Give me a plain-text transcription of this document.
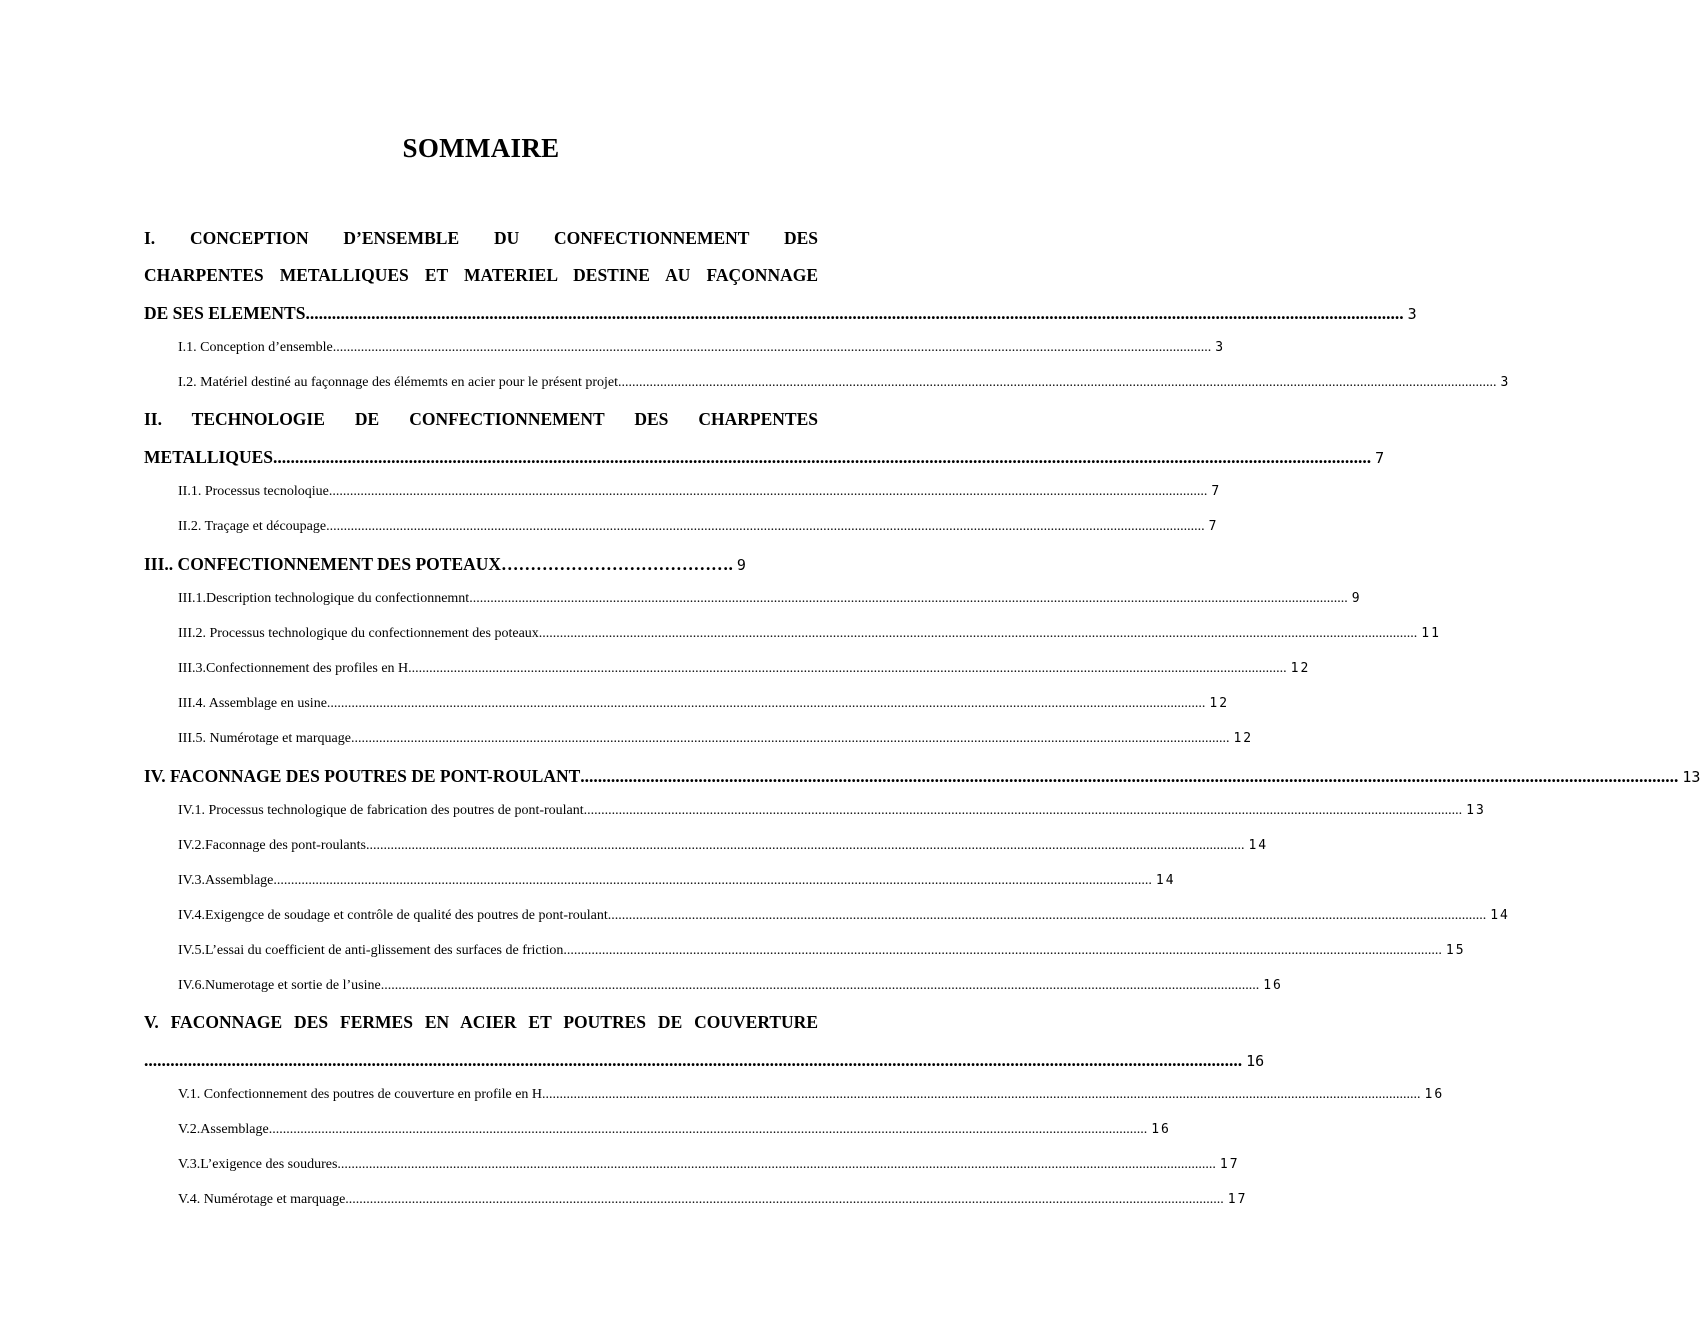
SOMMAIRE
I. CONCEPTION D’ENSEMBLE DU CONFECTIONNEMENT DES
CHARPENTES METALLIQUES ET MATERIEL DESTINE AU FAÇONNAGE
DE SES ELEMENTS ........................................................................................................................................................................................................................................................... 3
I.1. Conception d’ensemble ........................................................................................................................................................................................................................................................... 3
I.2. Matériel destiné au façonnage des élémemts en acier pour le présent projet ........................................................................................................................................................................................................................................................... 3
II. TECHNOLOGIE DE CONFECTIONNEMENT DES CHARPENTES
METALLIQUES ........................................................................................................................................................................................................................................................... 7
II.1. Processus tecnoloqiue ........................................................................................................................................................................................................................................................... 7
II.2. Traçage et découpage ........................................................................................................................................................................................................................................................... 7
III.. CONFECTIONNEMENT DES POTEAUX …………………………………. 9
III.1.Description technologique du confectionnemnt ........................................................................................................................................................................................................................................................... 9
III.2. Processus technologique du confectionnement des poteaux ........................................................................................................................................................................................................................................................... 11
III.3.Confectionnement des profiles en H ........................................................................................................................................................................................................................................................... 12
III.4. Assemblage en usine ........................................................................................................................................................................................................................................................... 12
III.5. Numérotage et marquage ........................................................................................................................................................................................................................................................... 12
IV. FACONNAGE DES POUTRES DE PONT-ROULANT ........................................................................................................................................................................................................................................................... 13
IV.1. Processus technologique de fabrication des poutres de pont-roulant ........................................................................................................................................................................................................................................................... 13
IV.2.Faconnage des pont-roulants ........................................................................................................................................................................................................................................................... 14
IV.3.Assemblage ........................................................................................................................................................................................................................................................... 14
IV.4.Exigengce de soudage et contrôle de qualité des poutres de pont-roulant ........................................................................................................................................................................................................................................................... 14
IV.5.L’essai du coefficient de anti-glissement des surfaces de friction ........................................................................................................................................................................................................................................................... 15
IV.6.Numerotage et sortie de l’usine ........................................................................................................................................................................................................................................................... 16
V. FACONNAGE DES FERMES EN ACIER ET POUTRES DE COUVERTURE
........................................................................................................................................................................................................................................................... 16
V.1. Confectionnement des poutres de couverture en profile en H ........................................................................................................................................................................................................................................................... 16
V.2.Assemblage ........................................................................................................................................................................................................................................................... 16
V.3.L’exigence des soudures ........................................................................................................................................................................................................................................................... 17
V.4. Numérotage et marquage ........................................................................................................................................................................................................................................................... 17
